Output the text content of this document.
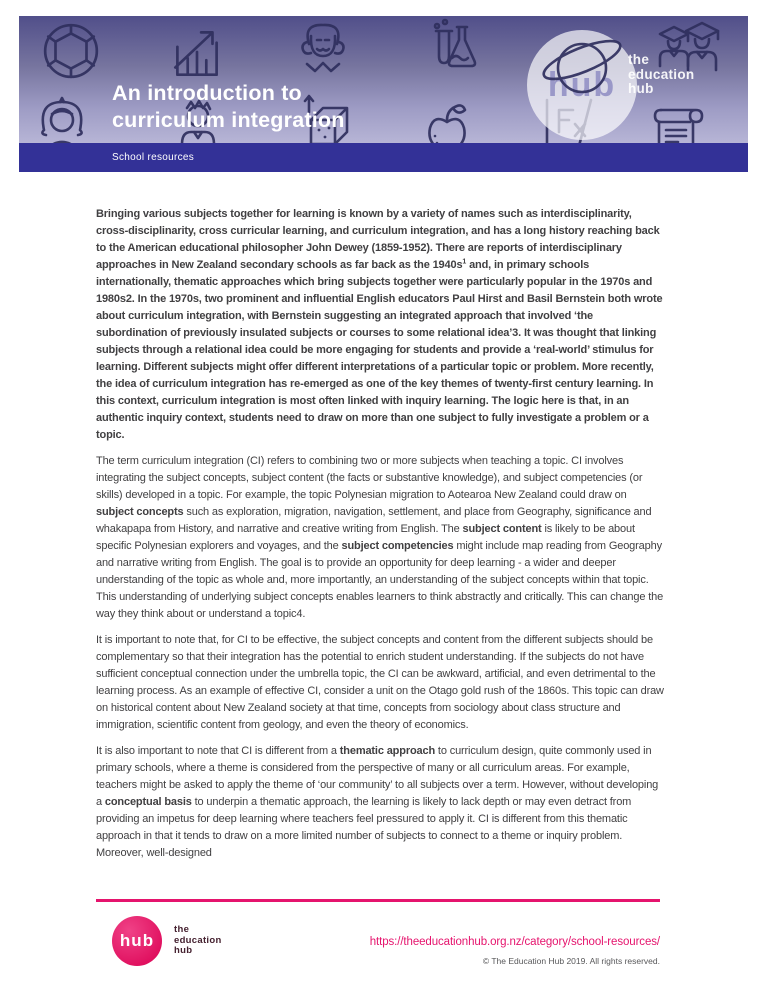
hub
An introduction to
curriculum integration
the
education
hub
School resources

Bringing various subjects together for learning is known by a variety of names such as interdisciplinarity, cross-disciplinarity, cross curricular learning, and curriculum integration, and has a long history reaching back to the American educational philosopher John Dewey (1859-1952). There are reports of interdisciplinary approaches in New Zealand secondary schools as far back as the $1940s^1$ and, in primary schools internationally, thematic approaches which bring subjects together were particularly popular in the 1970s and 1980s2. In the 1970s, two prominent and influential English educators Paul Hirst and Basil Bernstein both wrote about curriculum integration, with Bernstein suggesting an integrated approach that involved ‘the subordination of previously insulated subjects or courses to some relational idea’3. It was thought that linking subjects through a relational idea could be more engaging for students and provide a ‘real-world’ stimulus for learning. Different subjects might offer different interpretations of a particular topic or problem. More recently, the idea of curriculum integration has re-emerged as one of the key themes of twenty-first century learning. In this context, curriculum integration is most often linked with inquiry learning. The logic here is that, in an authentic inquiry context, students need to draw on more than one subject to fully investigate a problem or a topic.

The term curriculum integration (CI) refers to combining two or more subjects when teaching a topic. CI involves integrating the subject concepts, subject content (the facts or substantive knowledge), and subject competencies (or skills) developed in a topic. For example, the topic Polynesian migration to Aotearoa New Zealand could draw on subject concepts such as exploration, migration, navigation, settlement, and place from Geography, significance and whakapapa from History, and narrative and creative writing from English. The subject content is likely to be about specific Polynesian explorers and voyages, and the subject competencies might include map reading from Geography and narrative writing from English. The goal is to provide an opportunity for deep learning - a wider and deeper understanding of the topic as whole and, more importantly, an understanding of the subject concepts within that topic. This understanding of underlying subject concepts enables learners to think abstractly and critically. This can change the way they think about or understand a topic4.

It is important to note that, for CI to be effective, the subject concepts and content from the different subjects should be complementary so that their integration has the potential to enrich student understanding. If the subjects do not have sufficient conceptual connection under the umbrella topic, the CI can be awkward, artificial, and even detrimental to the learning process. As an example of effective CI, consider a unit on the Otago gold rush of the 1860s. This topic can draw on historical content about New Zealand society at that time, concepts from sociology about class structure and immigration, scientific content from geology, and even the theory of economics.

It is also important to note that CI is different from a thematic approach to curriculum design, quite commonly used in primary schools, where a theme is considered from the perspective of many or all curriculum areas. For example, teachers might be asked to apply the theme of ‘our community’ to all subjects over a term. However, without developing a conceptual basis to underpin a thematic approach, the learning is likely to lack depth or may even detract from providing an impetus for deep learning where teachers feel pressured to apply it. CI is different from this thematic approach in that it tends to draw on a more limited number of subjects to connect to a theme or inquiry problem. Moreover, well-designed

hub
the
education
hub
https://theeducationhub.org.nz/category/school-resources/
© The Education Hub 2019. All rights reserved.
